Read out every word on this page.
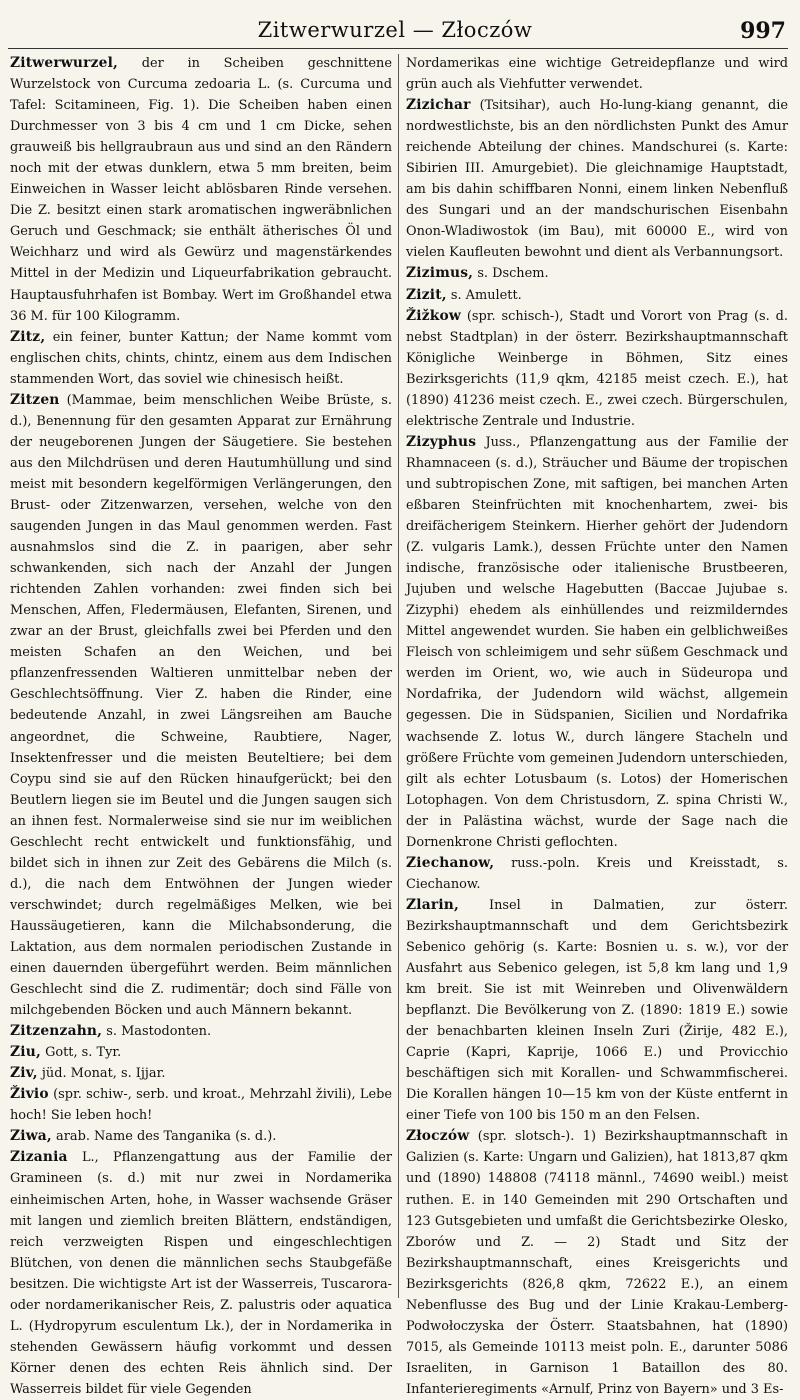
Zitwerwurzel — Złoczów	997

Zitwerwurzel, der in Scheiben geschnittene Wurzelstock von Curcuma zedoaria L. (s. Curcuma und Tafel: Scitamineen, Fig. 1). Die Scheiben haben einen Durchmesser von 3 bis 4 cm und 1 cm Dicke, sehen grauweiß bis hellgraubraun aus und sind an den Rändern noch mit der etwas dunklern, etwa 5 mm breiten, beim Einweichen in Wasser leicht ablösbaren Rinde versehen. Die Z. besitzt einen stark aromatischen ingweräbnlichen Geruch und Geschmack; sie enthält ätherisches Öl und Weichharz und wird als Gewürz und magenstärkendes Mittel in der Medizin und Liqueurfabrikation gebraucht. Hauptausfuhrhafen ist Bombay. Wert im Großhandel etwa 36 M. für 100 Kilogramm.

Zitz, ein feiner, bunter Kattun; der Name kommt vom englischen chits, chints, chintz, einem aus dem Indischen stammenden Wort, das soviel wie chinesisch heißt.

Zitzen (Mammae, beim menschlichen Weibe Brüste, s. d.), Benennung für den gesamten Apparat zur Ernährung der neugeborenen Jungen der Säugetiere. Sie bestehen aus den Milchdrüsen und deren Hautumhüllung und sind meist mit besondern kegelförmigen Verlängerungen, den Brust- oder Zitzenwarzen, versehen, welche von den saugenden Jungen in das Maul genommen werden. Fast ausnahmslos sind die Z. in paarigen, aber sehr schwankenden, sich nach der Anzahl der Jungen richtenden Zahlen vorhanden: zwei finden sich bei Menschen, Affen, Fledermäusen, Elefanten, Sirenen, und zwar an der Brust, gleichfalls zwei bei Pferden und den meisten Schafen an den Weichen, und bei pflanzenfressenden Waltieren unmittelbar neben der Geschlechtsöffnung. Vier Z. haben die Rinder, eine bedeutende Anzahl, in zwei Längsreihen am Bauche angeordnet, die Schweine, Raubtiere, Nager, Insektenfresser und die meisten Beuteltiere; bei dem Coypu sind sie auf den Rücken hinaufgerückt; bei den Beutlern liegen sie im Beutel und die Jungen saugen sich an ihnen fest. Normalerweise sind sie nur im weiblichen Geschlecht recht entwickelt und funktionsfähig, und bildet sich in ihnen zur Zeit des Gebärens die Milch (s. d.), die nach dem Entwöhnen der Jungen wieder verschwindet; durch regelmäßiges Melken, wie bei Haussäugetieren, kann die Milchabsonderung, die Laktation, aus dem normalen periodischen Zustande in einen dauernden übergeführt werden. Beim männlichen Geschlecht sind die Z. rudimentär; doch sind Fälle von milchgebenden Böcken und auch Männern bekannt.

Zitzenzahn, s. Mastodonten.

Ziu, Gott, s. Tyr.

Ziv, jüd. Monat, s. Ijjar.

Živio (spr. schiw-, serb. und kroat., Mehrzahl živili), Lebe hoch! Sie leben hoch!

Ziwa, arab. Name des Tanganika (s. d.).

Zizania L., Pflanzengattung aus der Familie der Gramineen (s. d.) mit nur zwei in Nordamerika einheimischen Arten, hohe, in Wasser wachsende Gräser mit langen und ziemlich breiten Blättern, endständigen, reich verzweigten Rispen und eingeschlechtigen Blütchen, von denen die männlichen sechs Staubgefäße besitzen. Die wichtigste Art ist der Wasserreis, Tuscarora- oder nordamerikanischer Reis, Z. palustris oder aquatica L. (Hydropyrum esculentum Lk.), der in Nordamerika in stehenden Gewässern häufig vorkommt und dessen Körner denen des echten Reis ähnlich sind. Der Wasserreis bildet für viele Gegenden

Nordamerikas eine wichtige Getreidepflanze und wird grün auch als Viehfutter verwendet.

Zizichar (Tsitsihar), auch Ho-lung-kiang genannt, die nordwestlichste, bis an den nördlichsten Punkt des Amur reichende Abteilung der chines. Mandschurei (s. Karte: Sibirien III. Amurgebiet). Die gleichnamige Hauptstadt, am bis dahin schiffbaren Nonni, einem linken Nebenfluß des Sungari und an der mandschurischen Eisenbahn Onon-Wladiwostok (im Bau), mit 60000 E., wird von vielen Kaufleuten bewohnt und dient als Verbannungsort.

Zizimus, s. Dschem.

Zizit, s. Amulett.

Žižkow (spr. schisch-), Stadt und Vorort von Prag (s. d. nebst Stadtplan) in der österr. Bezirkshauptmannschaft Königliche Weinberge in Böhmen, Sitz eines Bezirksgerichts (11,9 qkm, 42185 meist czech. E.), hat (1890) 41236 meist czech. E., zwei czech. Bürgerschulen, elektrische Zentrale und Industrie.

Zizyphus Juss., Pflanzengattung aus der Familie der Rhamnaceen (s. d.), Sträucher und Bäume der tropischen und subtropischen Zone, mit saftigen, bei manchen Arten eßbaren Steinfrüchten mit knochenhartem, zwei- bis dreifächerigem Steinkern. Hierher gehört der Judendorn (Z. vulgaris Lamk.), dessen Früchte unter den Namen indische, französische oder italienische Brustbeeren, Jujuben und welsche Hagebutten (Baccae Jujubae s. Zizyphi) ehedem als einhüllendes und reizmilderndes Mittel angewendet wurden. Sie haben ein gelblichweißes Fleisch von schleimigem und sehr süßem Geschmack und werden im Orient, wo, wie auch in Südeuropa und Nordafrika, der Judendorn wild wächst, allgemein gegessen. Die in Südspanien, Sicilien und Nordafrika wachsende Z. lotus W., durch längere Stacheln und größere Früchte vom gemeinen Judendorn unterschieden, gilt als echter Lotusbaum (s. Lotos) der Homerischen Lotophagen. Von dem Christusdorn, Z. spina Christi W., der in Palästina wächst, wurde der Sage nach die Dornenkrone Christi geflochten.

Ziechanow, russ.-poln. Kreis und Kreisstadt, s. Ciechanow.

Zlarin, Insel in Dalmatien, zur österr. Bezirkshauptmannschaft und dem Gerichtsbezirk Sebenico gehörig (s. Karte: Bosnien u. s. w.), vor der Ausfahrt aus Sebenico gelegen, ist 5,8 km lang und 1,9 km breit. Sie ist mit Weinreben und Olivenwäldern bepflanzt. Die Bevölkerung von Z. (1890: 1819 E.) sowie der benachbarten kleinen Inseln Zuri (Žirije, 482 E.), Caprie (Kapri, Kaprije, 1066 E.) und Provicchio beschäftigen sich mit Korallen- und Schwammfischerei. Die Korallen hängen 10—15 km von der Küste entfernt in einer Tiefe von 100 bis 150 m an den Felsen.

Złoczów (spr. slotsch-). 1) Bezirkshauptmannschaft in Galizien (s. Karte: Ungarn und Galizien), hat 1813,87 qkm und (1890) 148808 (74118 männl., 74690 weibl.) meist ruthen. E. in 140 Gemeinden mit 290 Ortschaften und 123 Gutsgebieten und umfaßt die Gerichtsbezirke Olesko, Zborów und Z. — 2) Stadt und Sitz der Bezirkshauptmannschaft, eines Kreisgerichts und Bezirksgerichts (826,8 qkm, 72622 E.), an einem Nebenflusse des Bug und der Linie Krakau-Lemberg-Podwołoczyska der Österr. Staatsbahnen, hat (1890) 7015, als Gemeinde 10113 meist poln. E., darunter 5086 Israeliten, in Garnison 1 Bataillon des 80. Infanterieregiments «Arnulf, Prinz von Bayern» und 3 Es-
